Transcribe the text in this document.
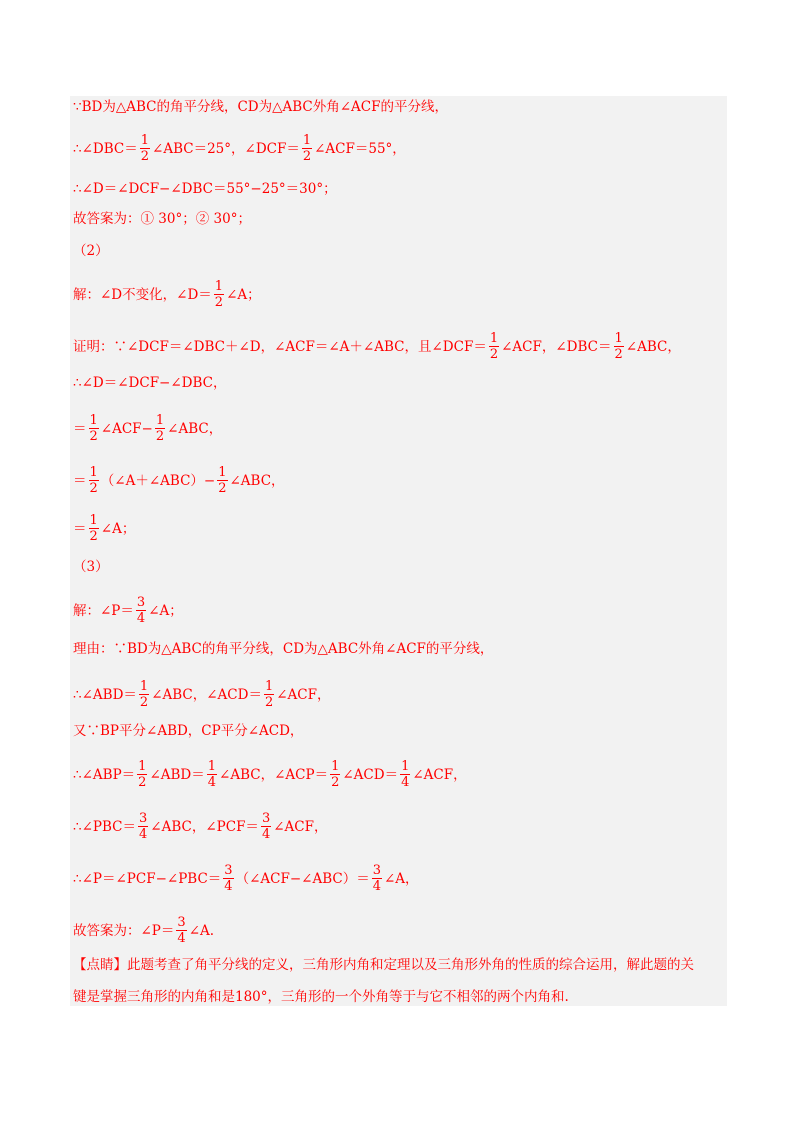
∵BD为△ABC的角平分线，CD为△ABC外角∠ACF的平分线，
∴∠DBC＝ $\frac{1}{2}$ ∠ABC＝25°，∠DCF＝ $\frac{1}{2}$ ∠ACF＝55°，
∴∠D＝∠DCF−∠DBC＝55°−25°＝30°；
故答案为：① 30°；② 30°；
（2）
解：∠D不变化，∠D＝ $\frac{1}{2}$ ∠A；
证明：∵∠DCF＝∠DBC＋∠D，∠ACF＝∠A＋∠ABC，且∠DCF＝ $\frac{1}{2}$ ∠ACF，∠DBC＝ $\frac{1}{2}$ ∠ABC，
∴∠D＝∠DCF−∠DBC，
＝ $\frac{1}{2}$ ∠ACF− $\frac{1}{2}$ ∠ABC，
＝ $\frac{1}{2}$ （∠A＋∠ABC）− $\frac{1}{2}$ ∠ABC，
＝ $\frac{1}{2}$ ∠A；
（3）
解：∠P＝ $\frac{3}{4}$ ∠A；
理由：∵BD为△ABC的角平分线，CD为△ABC外角∠ACF的平分线，
∴∠ABD＝ $\frac{1}{2}$ ∠ABC，∠ACD＝ $\frac{1}{2}$ ∠ACF，
又∵BP平分∠ABD，CP平分∠ACD，
∴∠ABP＝ $\frac{1}{2}$ ∠ABD＝ $\frac{1}{4}$ ∠ABC，∠ACP＝ $\frac{1}{2}$ ∠ACD＝ $\frac{1}{4}$ ∠ACF，
∴∠PBC＝ $\frac{3}{4}$ ∠ABC，∠PCF＝ $\frac{3}{4}$ ∠ACF，
∴∠P＝∠PCF−∠PBC＝ $\frac{3}{4}$ （∠ACF−∠ABC）＝ $\frac{3}{4}$ ∠A，
故答案为：∠P＝ $\frac{3}{4}$ ∠A.
【点睛】此题考查了角平分线的定义，三角形内角和定理以及三角形外角的性质的综合运用，解此题的关
键是掌握三角形的内角和是180°，三角形的一个外角等于与它不相邻的两个内角和.
